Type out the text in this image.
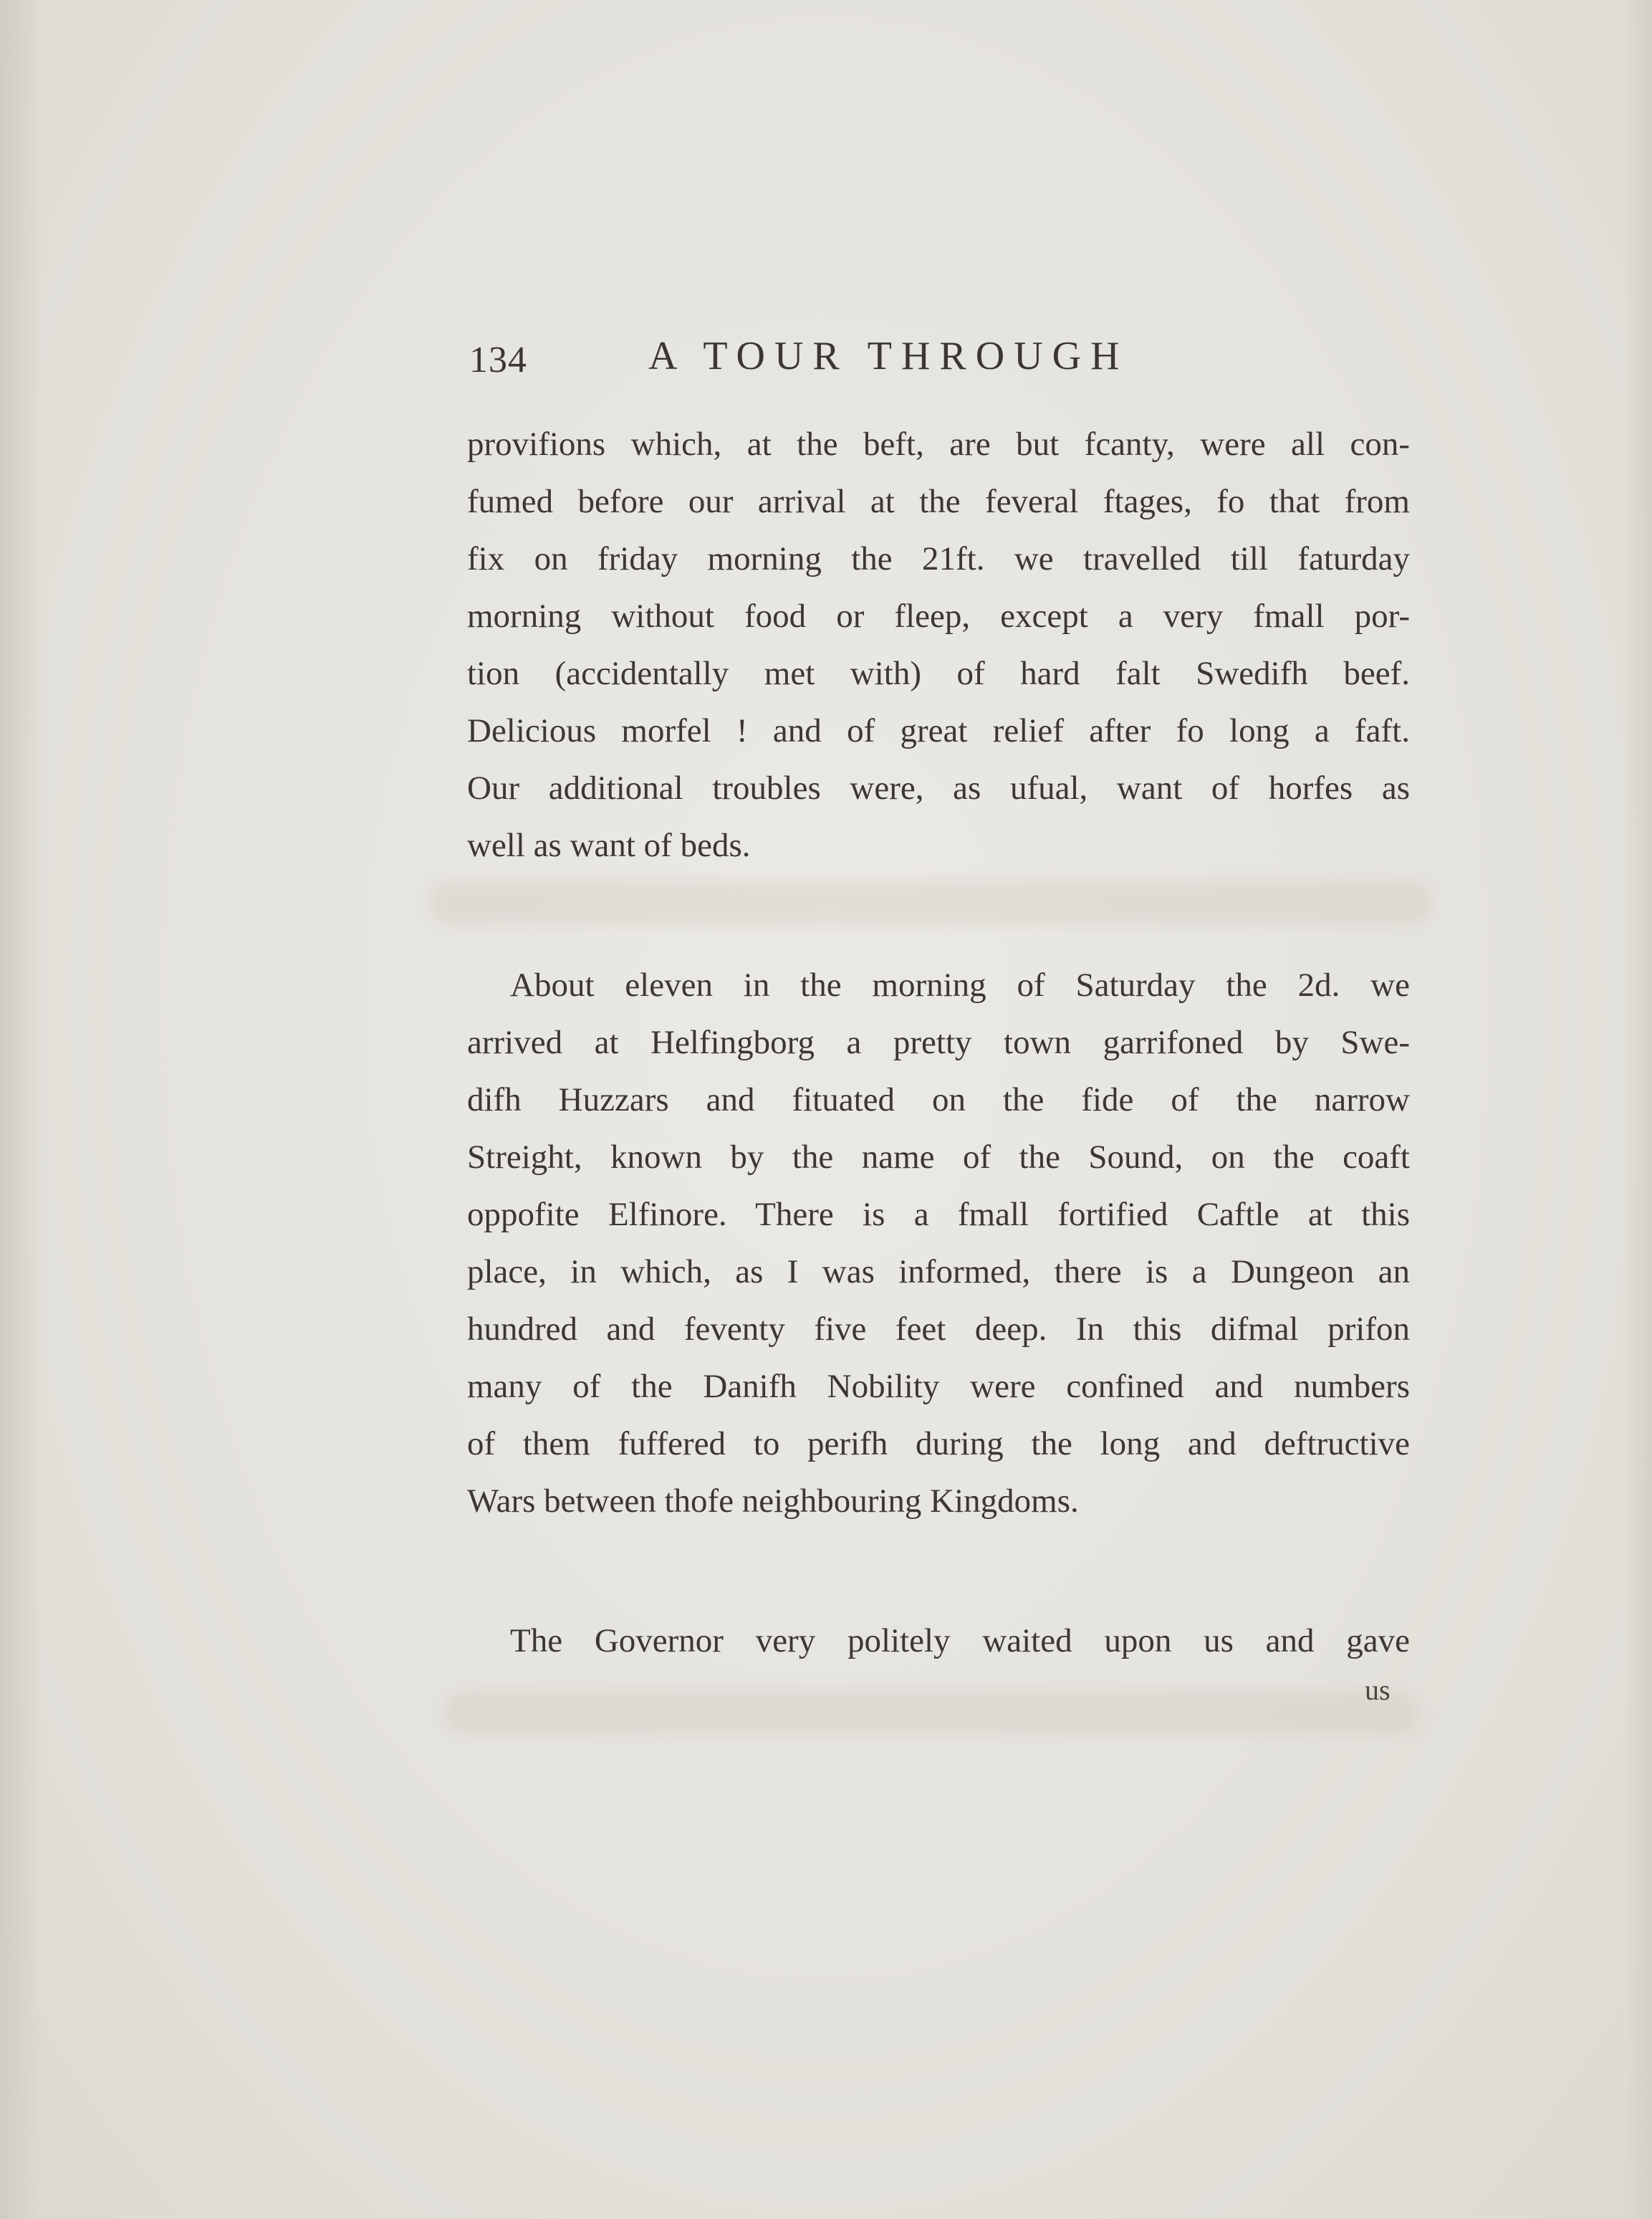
134	A TOUR THROUGH
provifions which, at the beft, are but fcanty, were all con-
fumed before our arrival at the feveral ftages, fo that from
fix on friday morning the 21ft. we travelled till faturday
morning without food or fleep, except a very fmall por-
tion (accidentally met with) of hard falt Swedifh beef.
Delicious morfel ! and of great relief after fo long a faft.
Our additional troubles were, as ufual, want of horfes as
well as want of beds.
About eleven in the morning of Saturday the 2d. we
arrived at Helfingborg a pretty town garrifoned by Swe-
difh Huzzars and fituated on the fide of the narrow
Streight, known by the name of the Sound, on the coaft
oppofite Elfinore. There is a fmall fortified Caftle at this
place, in which, as I was informed, there is a Dungeon an
hundred and feventy five feet deep. In this difmal prifon
many of the Danifh Nobility were confined and numbers
of them fuffered to perifh during the long and deftructive
Wars between thofe neighbouring Kingdoms.
The Governor very politely waited upon us and gave
us
